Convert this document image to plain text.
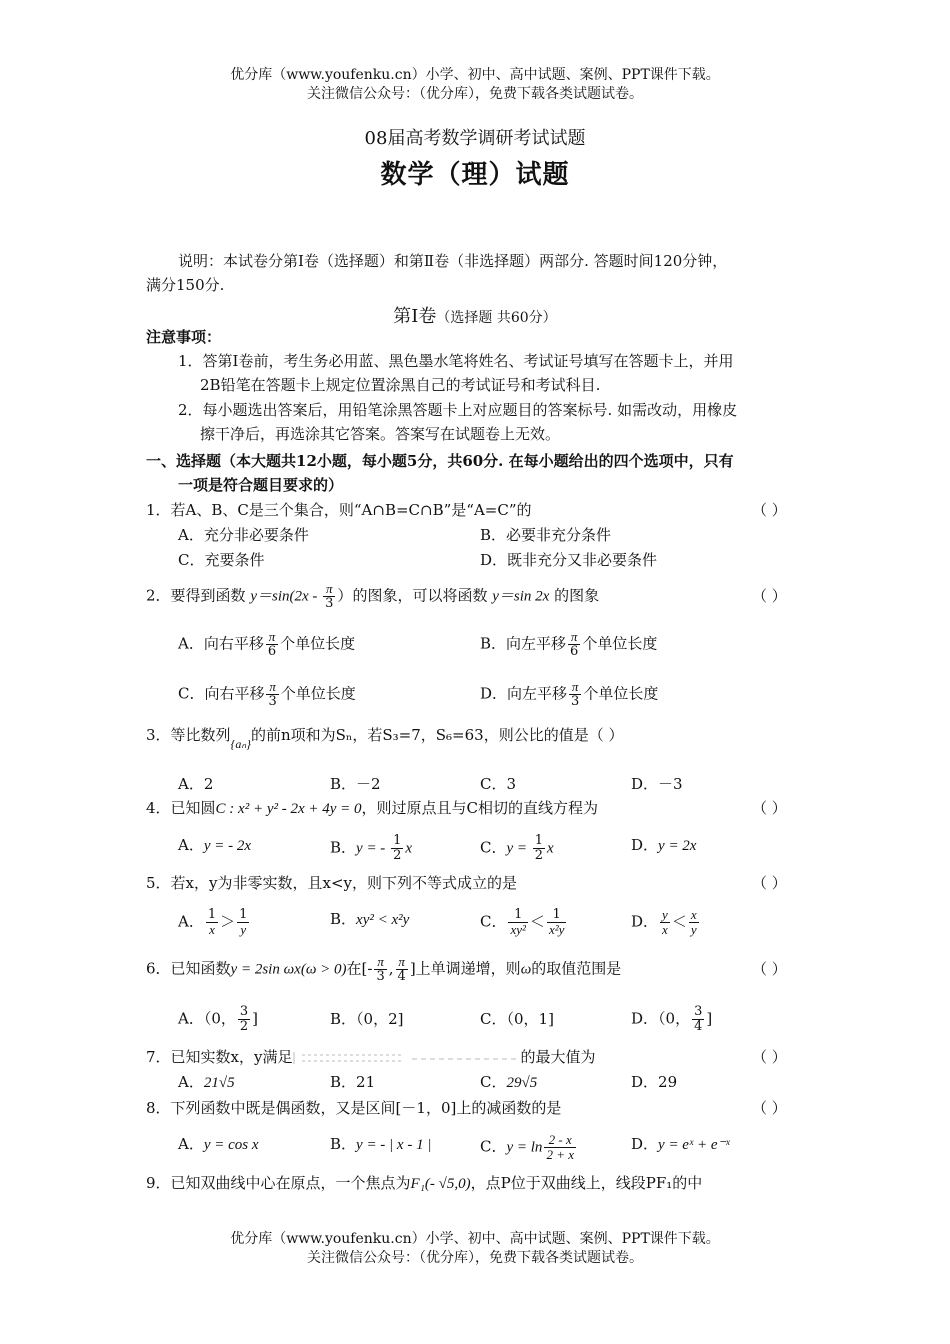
优分库（www.youfenku.cn）小学、初中、高中试题、案例、PPT课件下载。
关注微信公众号：（优分库），免费下载各类试题试卷。
08届高考数学调研考试试题
数学（理）试题
说明：本试卷分第Ⅰ卷（选择题）和第Ⅱ卷（非选择题）两部分. 答题时间120分钟，
满分150分.
第Ⅰ卷（选择题 共60分）
注意事项：
1．答第Ⅰ卷前，考生务必用蓝、黑色墨水笔将姓名、考试证号填写在答题卡上，并用
2B铅笔在答题卡上规定位置涂黑自己的考试证号和考试科目.
2．每小题选出答案后，用铅笔涂黑答题卡上对应题目的答案标号. 如需改动，用橡皮
擦干净后，再选涂其它答案。答案写在试题卷上无效。
一、选择题（本大题共12小题，每小题5分，共60分. 在每小题给出的四个选项中，只有
一项是符合题目要求的）
1．若A、B、C是三个集合，则“A∩B=C∩B”是“A=C”的	（ ）
A．充分非必要条件	B．必要非充分条件
C．充要条件	D．既非充分又非必要条件
2．要得到函数 $y=\sin(2x - \frac{\pi}{3}$ ）的图象，可以将函数 y＝sin 2x 的图象	（ ）
A．向右平移 $\frac{\pi}{6}$ 个单位长度	B．向左平移 $\frac{\pi}{6}$ 个单位长度
C．向右平移 $\frac{\pi}{3}$ 个单位长度	D．向左平移 $\frac{\pi}{3}$ 个单位长度
3．等比数列$_{\{a_n\}}$的前n项和为Sₙ，若S₃=7，S₆=63，则公比的值是（ ）
A．2	B．－2	C．3	D．－3
4．已知圆C : x² + y² - 2x + 4y = 0，则过原点且与C相切的直线方程为	（ ）
A．y = - 2x	B．y = - $\frac{1}{2}$ x	C．$y = \frac{1}{2}$ x	D．y = 2x
5．若x，y为非零实数，且x<y，则下列不等式成立的是	（ ）
A． $\frac{1}{x} > \frac{1}{y}$	B．xy² < x²y	C． $\frac{1}{\text{xy²}} < \frac{1}{\text{x²y}}$	D． $\frac{y}{x} < \frac{x}{y}$
6．已知函数y = 2sin ωx(ω > 0)在[- $\frac{\pi}{3}$ , $\frac{\pi}{4}$ ]上单调递增，则ω的取值范围是	（ ）
A．（0， $\frac{3}{2}$ ]	B．（0，2]	C．（0，1]	D．（0， $\frac{3}{4}$ ]
7．已知实数x，y满足	的最大值为	（ ）
A．21√5	B．21	C．29√5	D．29
8．下列函数中既是偶函数，又是区间[－1，0]上的减函数的是	（ ）
A．y = cos x	B．y = - | x - 1 |	C．$y = \ln \frac{2 - x}{2 + x}$	D．y = eˣ + e⁻ˣ
9．已知双曲线中心在原点，一个焦点为F₁(- √5,0)，点P位于双曲线上，线段PF₁的中
优分库（www.youfenku.cn）小学、初中、高中试题、案例、PPT课件下载。
关注微信公众号：（优分库），免费下载各类试题试卷。
